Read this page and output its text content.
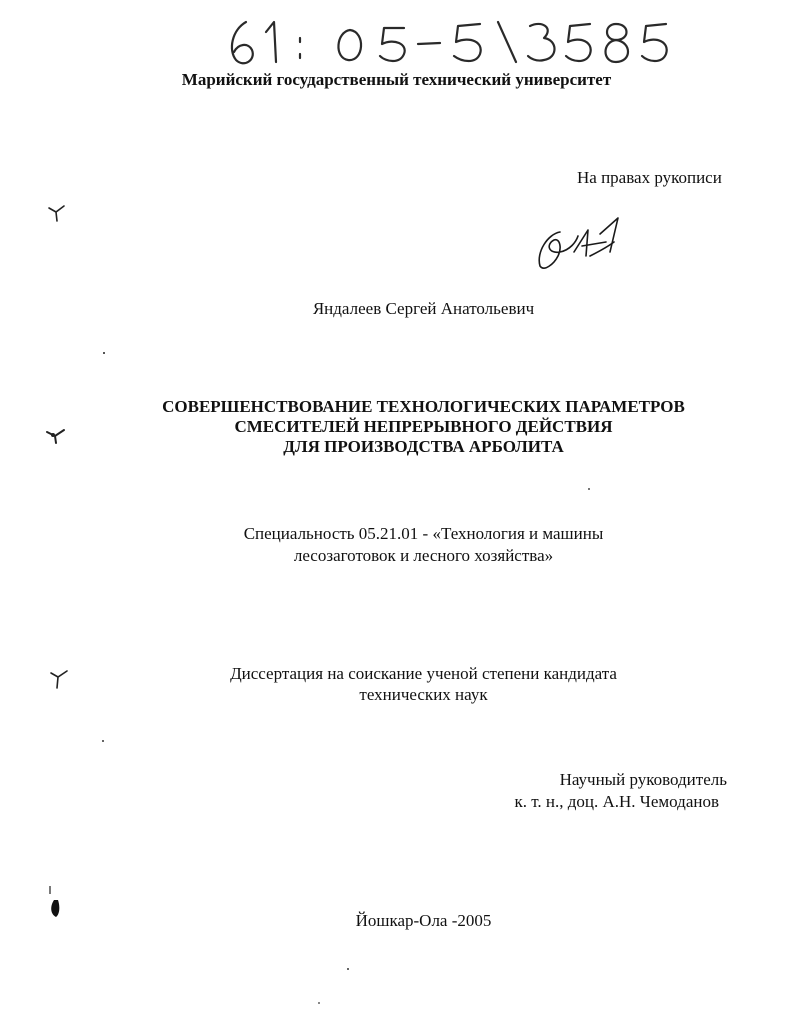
Марийский государственный технический университет
На правах рукописи
Яндалеев Сергей Анатольевич
СОВЕРШЕНСТВОВАНИЕ ТЕХНОЛОГИЧЕСКИХ ПАРАМЕТРОВ
СМЕСИТЕЛЕЙ НЕПРЕРЫВНОГО ДЕЙСТВИЯ
ДЛЯ ПРОИЗВОДСТВА АРБОЛИТА
Специальность 05.21.01 - «Технология и машины
лесозаготовок и лесного хозяйства»
Диссертация на соискание ученой степени кандидата
технических наук
Научный руководитель
к. т. н., доц. А.Н. Чемоданов
Йошкар-Ола -2005
